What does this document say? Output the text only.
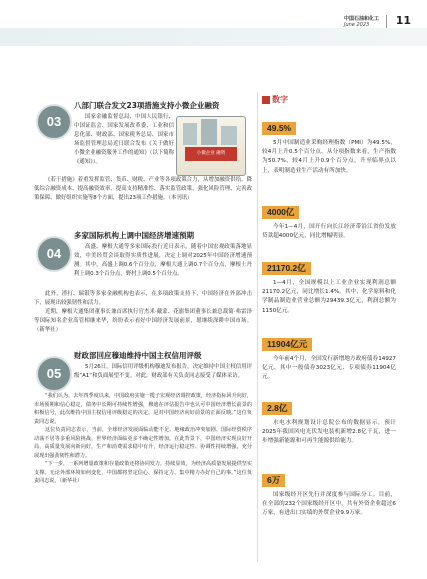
中国石油和化工
June 2023	11
03
八部门联合发文23项措施支持小微企业融资

国家金融监督总局、中国人民银行、中国证监会、国家发展改革委、工业和信息化部、财政部、国家税务总局、国家市场监督管理总局近日联合发布《关于做好小微企业融资服务工作的通知》（以下简称《通知》）。

小微企业 融资

《若干措施》着重发挥监管、货币、财税、产业等各项政策合力，从增加融资供给、降低综合融资成本、提高融资效率、提高支持精准性、落实监管政策、强化风险管理、完善政策保障、做好组织实施等8个方面，提出23项工作措施。（本刊讯）

04
多家国际机构上调中国经济增速预期

高盛、摩根大通等多家国际投行近日表示，随着中国宏观政策落地显效，中美经贸会谈取得实质性进展，决定上调对2025年中国经济增速预测。其中，高盛上调0.6个百分点，摩根大通上调0.7个百分点，摩根士丹利上调0.3个百分点，野村上调0.5个百分点。

此外，渣打、瑞银等多家金融机构也表示，在多项政策支持下，中国经济在外部冲击下，展现出较强韧性和活力。

近期，摩根大通集团董事长兼首席执行官杰米·戴蒙、花旗集团董事长兼总裁简·弗雷泽等国际知名企业高管相继来华，纷纷表示看好中国经济发展前景，愿继续深耕中国市场。（新华社）

05
财政部回应穆迪维持中国主权信用评级

5月26日，国际信用评级机构穆迪发布报告，决定维持中国主权信用评级“A1”和负面展望不变。对此，财政部有关负责同志接受了媒体采访。

“我们认为，去年四季度以来，中国政府实施一揽子宏观经济调控政策，经济指标回升向好，市场预期和信心稳定，债务中长期可持续性增强，穆迪在评估报告中也认可中国经济增长前景的积极信号，此次维持中国主权信用评级稳定的决定，是对中国经济向好前景的正面反映。”这位负责同志说。

这位负责同志表示，当前，全球经济发展面临动能不足、地缘政治冲突加剧、国际经贸秩序动荡不居等多重风险挑战，世界经济面临更多不确定性增加。在此背景下，中国经济实现良好开局，高质量发展向新向好，生产和消费需求稳中有升，经济运行稳定性、协调性持续增强，充分展现出强劲韧性和潜力。

“下一步，一系列增量政策和存量政策还将协同发力，持续显效，为经济高质量发展提供坚实支撑。无论外部环境如何变化，中国都将坚定信心、保持定力、集中精力办好自己的事。”这位负责同志说。（新华社）

数字
49.5%

5月中国制造业采购经理指数（PMI）为49.5%，较4月上升0.5个百分点。从分项指数来看，生产指数为50.7%，较4月上升0.9个百分点，升至临界点以上，表明制造业生产活动有所加快。

4000亿

今年1—4月，国开行向长江经济带沿江省份发放贷款超4000亿元，同比增幅明显。

21170.2亿

1—4月，全国规模以上工业企业实现利润总额21170.2亿元，同比增长1.4%。其中，化学原料和化学制品制造业营业总额为29439.3亿元，利润总额为1150亿元。

11904亿元

今年前4个月，全国发行新增地方政府债券14927亿元，其中一般债券3023亿元、专项债券11904亿元。

2.8亿

水电水利规划设计总院公布的数据显示，预计2025年我国风电光伏发电装机新增2.8亿千瓦，进一步增强新能源和可再生能源供给能力。

6万

国家级经开区先行并深度参与国际分工。目前，在全部的232个国家级经开区中，共有外资企业超过6万家，有进出口实绩的外贸企业9.9万家。
